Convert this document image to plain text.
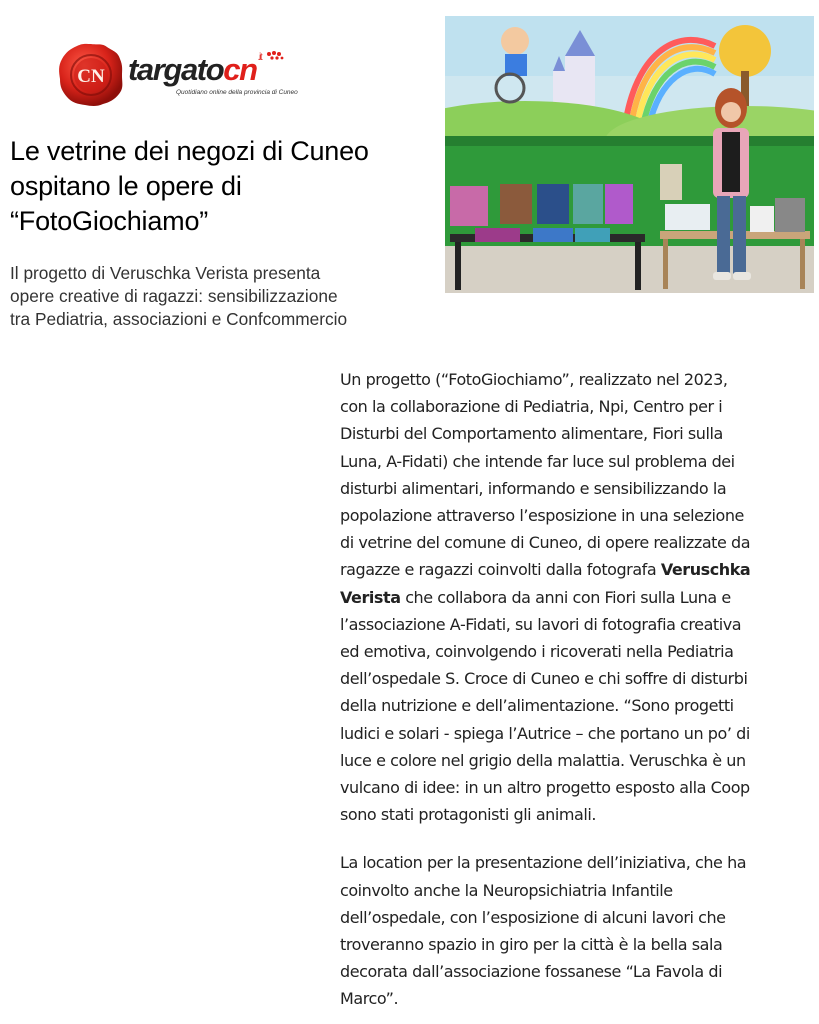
CN targatocn$^{.it}$
Quotidiano online della provincia di Cuneo
Le vetrine dei negozi di Cuneo
ospitano le opere di
“FotoGiochiamo”

Il progetto di Veruschka Verista presenta
opere creative di ragazzi: sensibilizzazione
tra Pediatria, associazioni e Confcommercio

Un progetto (“FotoGiochiamo”, realizzato nel 2023,
con la collaborazione di Pediatria, Npi, Centro per i
Disturbi del Comportamento alimentare, Fiori sulla
Luna, A-Fidati) che intende far luce sul problema dei
disturbi alimentari, informando e sensibilizzando la
popolazione attraverso l’esposizione in una selezione
di vetrine del comune di Cuneo, di opere realizzate da
ragazze e ragazzi coinvolti dalla fotografa Veruschka
Verista che collabora da anni con Fiori sulla Luna e
l’associazione A-Fidati, su lavori di fotografia creativa
ed emotiva, coinvolgendo i ricoverati nella Pediatria
dell’ospedale S. Croce di Cuneo e chi soffre di disturbi
della nutrizione e dell’alimentazione. “Sono progetti
ludici e solari - spiega l’Autrice – che portano un po’ di
luce e colore nel grigio della malattia. Veruschka è un
vulcano di idee: in un altro progetto esposto alla Coop
sono stati protagonisti gli animali.

La location per la presentazione dell’iniziativa, che ha
coinvolto anche la Neuropsichiatria Infantile
dell’ospedale, con l’esposizione di alcuni lavori che
troveranno spazio in giro per la città è la bella sala
decorata dall’associazione fossanese “La Favola di
Marco”.
